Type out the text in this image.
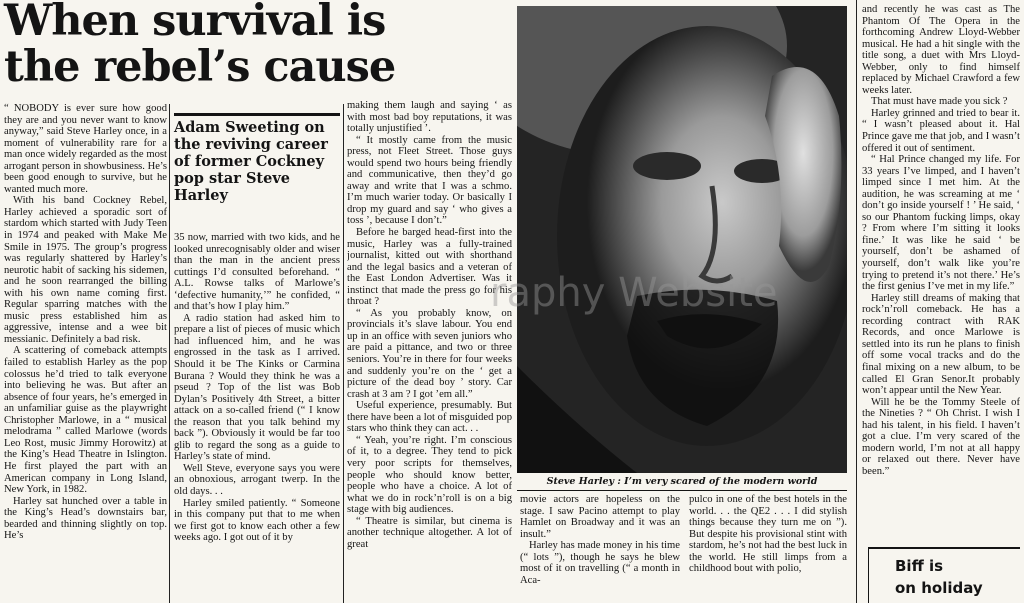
When survival is
the rebel’s cause

“ NOBODY is ever sure how good they are and you never want to know anyway,” said Steve Harley once, in a moment of vulnerability rare for a man once widely regarded as the most arrogant person in showbusiness. He’s been good enough to survive, but he wanted much more.

With his band Cockney Rebel, Harley achieved a sporadic sort of stardom which started with Judy Teen in 1974 and peaked with Make Me Smile in 1975. The group’s progress was regularly shattered by Harley’s neurotic habit of sacking his sidemen, and he soon rearranged the billing with his own name coming first. Regular sparring matches with the music press established him as aggressive, intense and a wee bit messianic. Definitely a bad risk.

A scattering of comeback attempts failed to establish Harley as the pop colossus he’d tried to talk everyone into believing he was. But after an absence of four years, he’s emerged in an unfamiliar guise as the playwright Christopher Marlowe, in a “ musical melodrama ” called Marlowe (words Leo Rost, music Jimmy Horowitz) at the King’s Head Theatre in Islington. He first played the part with an American company in Long Island, New York, in 1982.

Harley sat hunched over a table in the King’s Head’s downstairs bar, bearded and thinning slightly on top. He’s

Adam Sweeting on the reviving career of former Cockney pop star Steve Harley

35 now, married with two kids, and he looked unrecognisably older and wiser than the man in the ancient press cuttings I’d consulted beforehand. “ A.L. Rowse talks of Marlowe’s ‘defective humanity,’” he confided, “ and that’s how I play him.”

A radio station had asked him to prepare a list of pieces of music which had influenced him, and he was engrossed in the task as I arrived. Should it be The Kinks or Carmina Burana ? Would they think he was a pseud ? Top of the list was Bob Dylan’s Positively 4th Street, a bitter attack on a so-called friend (“ I know the reason that you talk behind my back ”). Obviously it would be far too glib to regard the song as a guide to Harley’s state of mind.

Well Steve, everyone says you were an obnoxious, arrogant twerp. In the old days. . .

Harley smiled patiently. “ Someone in this company put that to me when we first got to know each other a few weeks ago. I got out of it by

making them laugh and saying ‘ as with most bad boy reputations, it was totally unjustified ’.

“ It mostly came from the music press, not Fleet Street. Those guys would spend two hours being friendly and communicative, then they’d go away and write that I was a schmo. I’m much warier today. Or basically I drop my guard and say ‘ who gives a toss ’, because I don’t.”

Before he barged head-first into the music, Harley was a fully-trained journalist, kitted out with shorthand and the legal basics and a veteran of the East London Advertiser. Was it instinct that made the press go for his throat ?

“ As you probably know, on provincials it’s slave labour. You end up in an office with seven juniors who are paid a pittance, and two or three seniors. You’re in there for four weeks and suddenly you’re on the ‘ get a picture of the dead boy ’ story. Car crash at 3 am ? I got ’em all.”

Useful experience, presumably. But there have been a lot of misguided pop stars who think they can act. . .

“ Yeah, you’re right. I’m conscious of it, to a degree. They tend to pick very poor scripts for themselves, people who should know better, people who have a choice. A lot of what we do in rock’n’roll is on a big stage with big audiences.

“ Theatre is similar, but cinema is another technique altogether. A lot of great

Steve Harley : I’m very scared of the modern world
raphy Website

movie actors are hopeless on the stage. I saw Pacino attempt to play Hamlet on Broadway and it was an insult.”

Harley has made money in his time (“ lots ”), though he says he blew most of it on travelling (“ a month in Aca-

pulco in one of the best hotels in the world. . . the QE2 . . . I did stylish things because they turn me on ”). But despite his provisional stint with stardom, he’s not had the best luck in the world. He still limps from a childhood bout with polio,

and recently he was cast as The Phantom Of The Opera in the forthcoming Andrew Lloyd-Webber musical. He had a hit single with the title song, a duet with Mrs Lloyd-Webber, only to find himself replaced by Michael Crawford a few weeks later.

That must have made you sick ?

Harley grinned and tried to bear it. “ I wasn’t pleased about it. Hal Prince gave me that job, and I wasn’t offered it out of sentiment.

“ Hal Prince changed my life. For 33 years I’ve limped, and I haven’t limped since I met him. At the audition, he was screaming at me ‘ don’t go inside yourself ! ’ He said, ‘ so our Phantom fucking limps, okay ? From where I’m sitting it looks fine.’ It was like he said ‘ be yourself, don’t be ashamed of yourself, don’t walk like you’re trying to pretend it’s not there.’ He’s the first genius I’ve met in my life.”

Harley still dreams of making that rock’n’roll comeback. He has a recording contract with RAK Records, and once Marlowe is settled into its run he plans to finish off some vocal tracks and do the final mixing on a new album, to be called El Gran Senor.It probably won’t appear until the New Year.

Will he be the Tommy Steele of the Nineties ? “ Oh Christ. I wish I had his talent, in his field. I haven’t got a clue. I’m very scared of the modern world, I’m not at all happy or relaxed out there. Never have been.”

Biff is
on holiday
